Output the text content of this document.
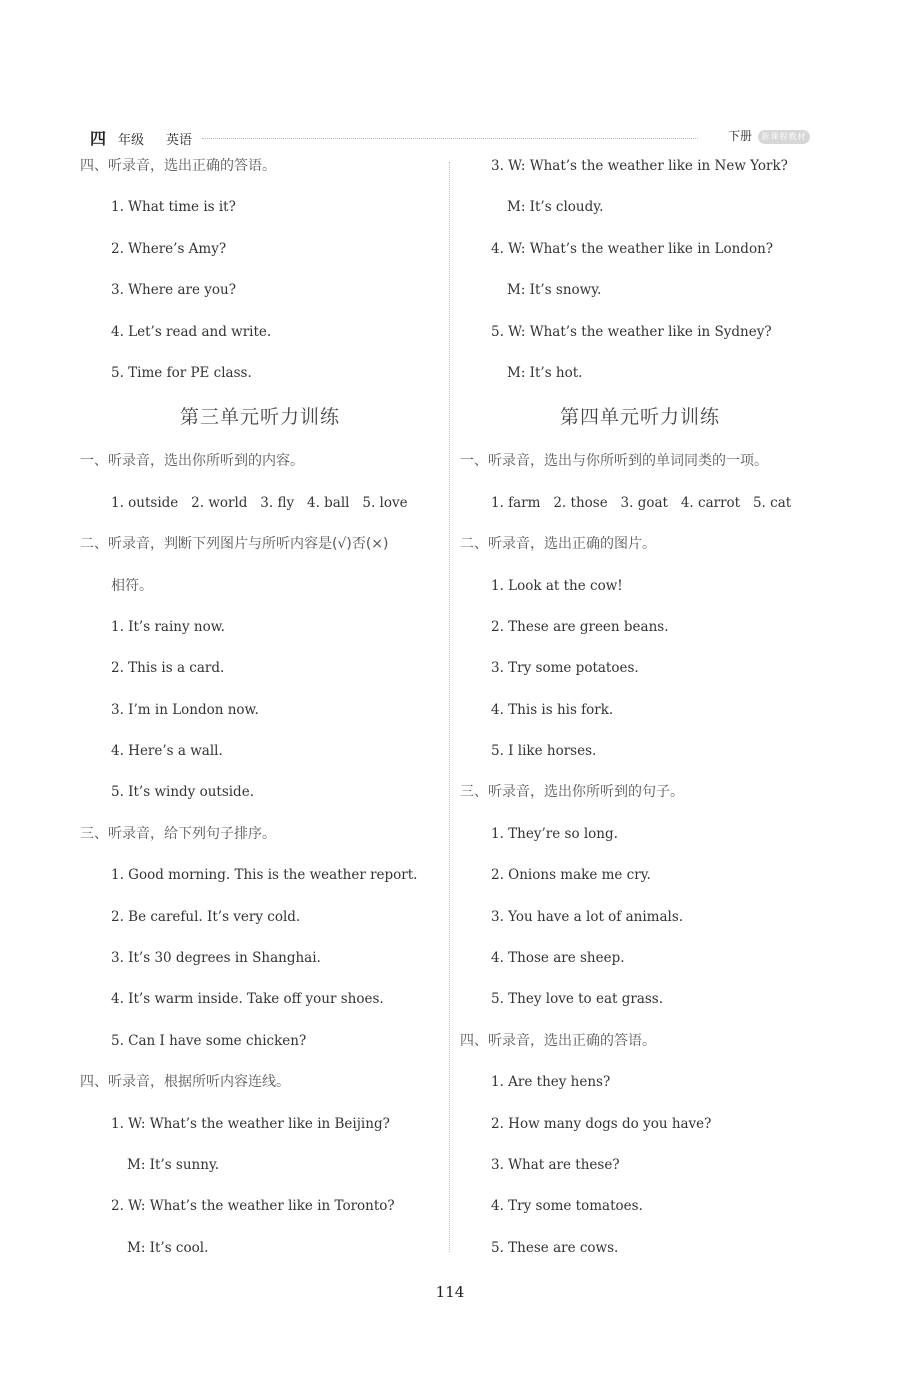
四 年级 英语	下册	新课程教材
四、听录音，选出正确的答语。
1. What time is it?
2. Where’s Amy?
3. Where are you?
4. Let’s read and write.
5. Time for PE class.
第三单元听力训练
一、听录音，选出你所听到的内容。
1. outside   2. world   3. fly   4. ball   5. love
二、听录音，判断下列图片与所听内容是(√)否(×)
相符。
1. It’s rainy now.
2. This is a card.
3. I’m in London now.
4. Here’s a wall.
5. It’s windy outside.
三、听录音，给下列句子排序。
1. Good morning. This is the weather report.
2. Be careful. It’s very cold.
3. It’s 30 degrees in Shanghai.
4. It’s warm inside. Take off your shoes.
5. Can I have some chicken?
四、听录音，根据所听内容连线。
1. W: What’s the weather like in Beijing?
M: It’s sunny.
2. W: What’s the weather like in Toronto?
M: It’s cool.
3. W: What’s the weather like in New York?
M: It’s cloudy.
4. W: What’s the weather like in London?
M: It’s snowy.
5. W: What’s the weather like in Sydney?
M: It’s hot.
第四单元听力训练
一、听录音，选出与你所听到的单词同类的一项。
1. farm   2. those   3. goat   4. carrot   5. cat
二、听录音，选出正确的图片。
1. Look at the cow!
2. These are green beans.
3. Try some potatoes.
4. This is his fork.
5. I like horses.
三、听录音，选出你所听到的句子。
1. They’re so long.
2. Onions make me cry.
3. You have a lot of animals.
4. Those are sheep.
5. They love to eat grass.
四、听录音，选出正确的答语。
1. Are they hens?
2. How many dogs do you have?
3. What are these?
4. Try some tomatoes.
5. These are cows.
114
